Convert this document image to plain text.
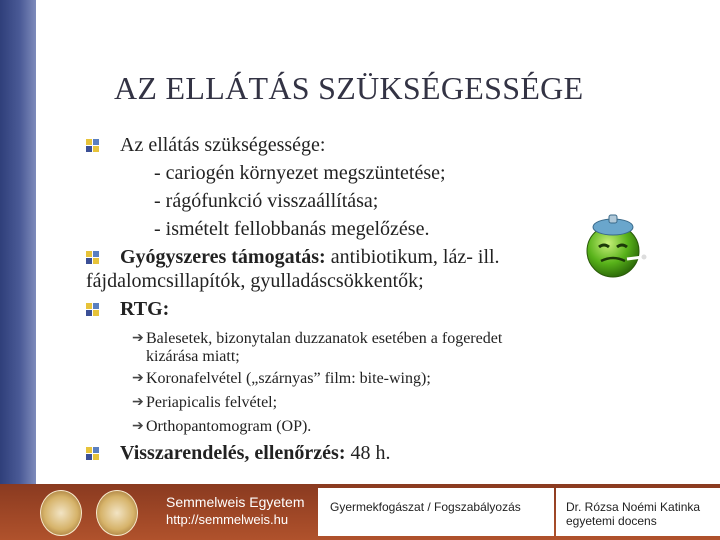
AZ ELLÁTÁS SZÜKSÉGESSÉGE
Az ellátás szükségessége:
- cariogén környezet megszüntetése;
- rágófunkció visszaállítása;
- ismételt fellobbanás megelőzése.
Gyógyszeres támogatás: antibiotikum, láz- ill.
fájdalomcsillapítók, gyulladáscsökkentők;
RTG:
➔ Balesetek, bizonytalan duzzanatok esetében a fogeredet
kizárása miatt;
➔ Koronafelvétel („szárnyas” film: bite-wing);
➔ Periapicalis felvétel;
➔ Orthopantomogram (OP).
Visszarendelés, ellenőrzés: 48 h.
Semmelweis Egyetem
http://semmelweis.hu
Gyermekfogászat / Fogszabályozás	Dr. Rózsa Noémi Katinka
egyetemi docens
